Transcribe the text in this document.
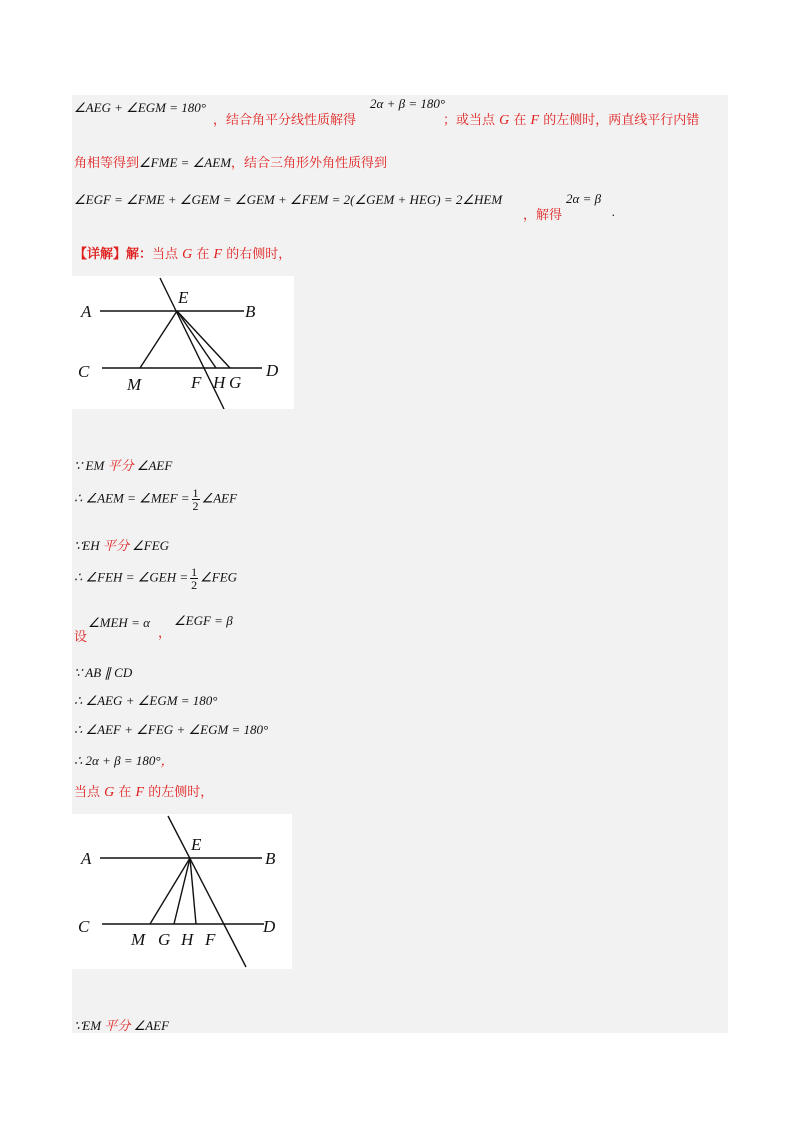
∠AEG + ∠EGM = 180°
，结合角平分线性质解得
2α + β = 180°
；或当点 G 在 F 的左侧时，两直线平行内错
角相等得到∠FME = ∠AEM，结合三角形外角性质得到
∠EGF = ∠FME + ∠GEM = ∠GEM + ∠FEM = 2(∠GEM + HEG) = 2∠HEM
，解得
2α = β
.
【详解】解：当点 G 在 F 的右侧时，
A
E
B
C
M	F H G
D
∵ EM 平分 ∠AEF
∴ ∠AEM = ∠MEF = $\frac{1}{2}$ ∠AEF
∵EH 平分 ∠FEG
∴ ∠FEH = ∠GEH = $\frac{1}{2}$ ∠FEG
设
∠MEH = α
，
∠EGF = β
∵ AB ∥ CD
∴ ∠AEG + ∠EGM = 180°
∴ ∠AEF + ∠FEG + ∠EGM = 180°
∴ 2α + β = 180°，
当点 G 在 F 的左侧时，
A
E
B
C
M G H F
D
∵EM 平分 ∠AEF
